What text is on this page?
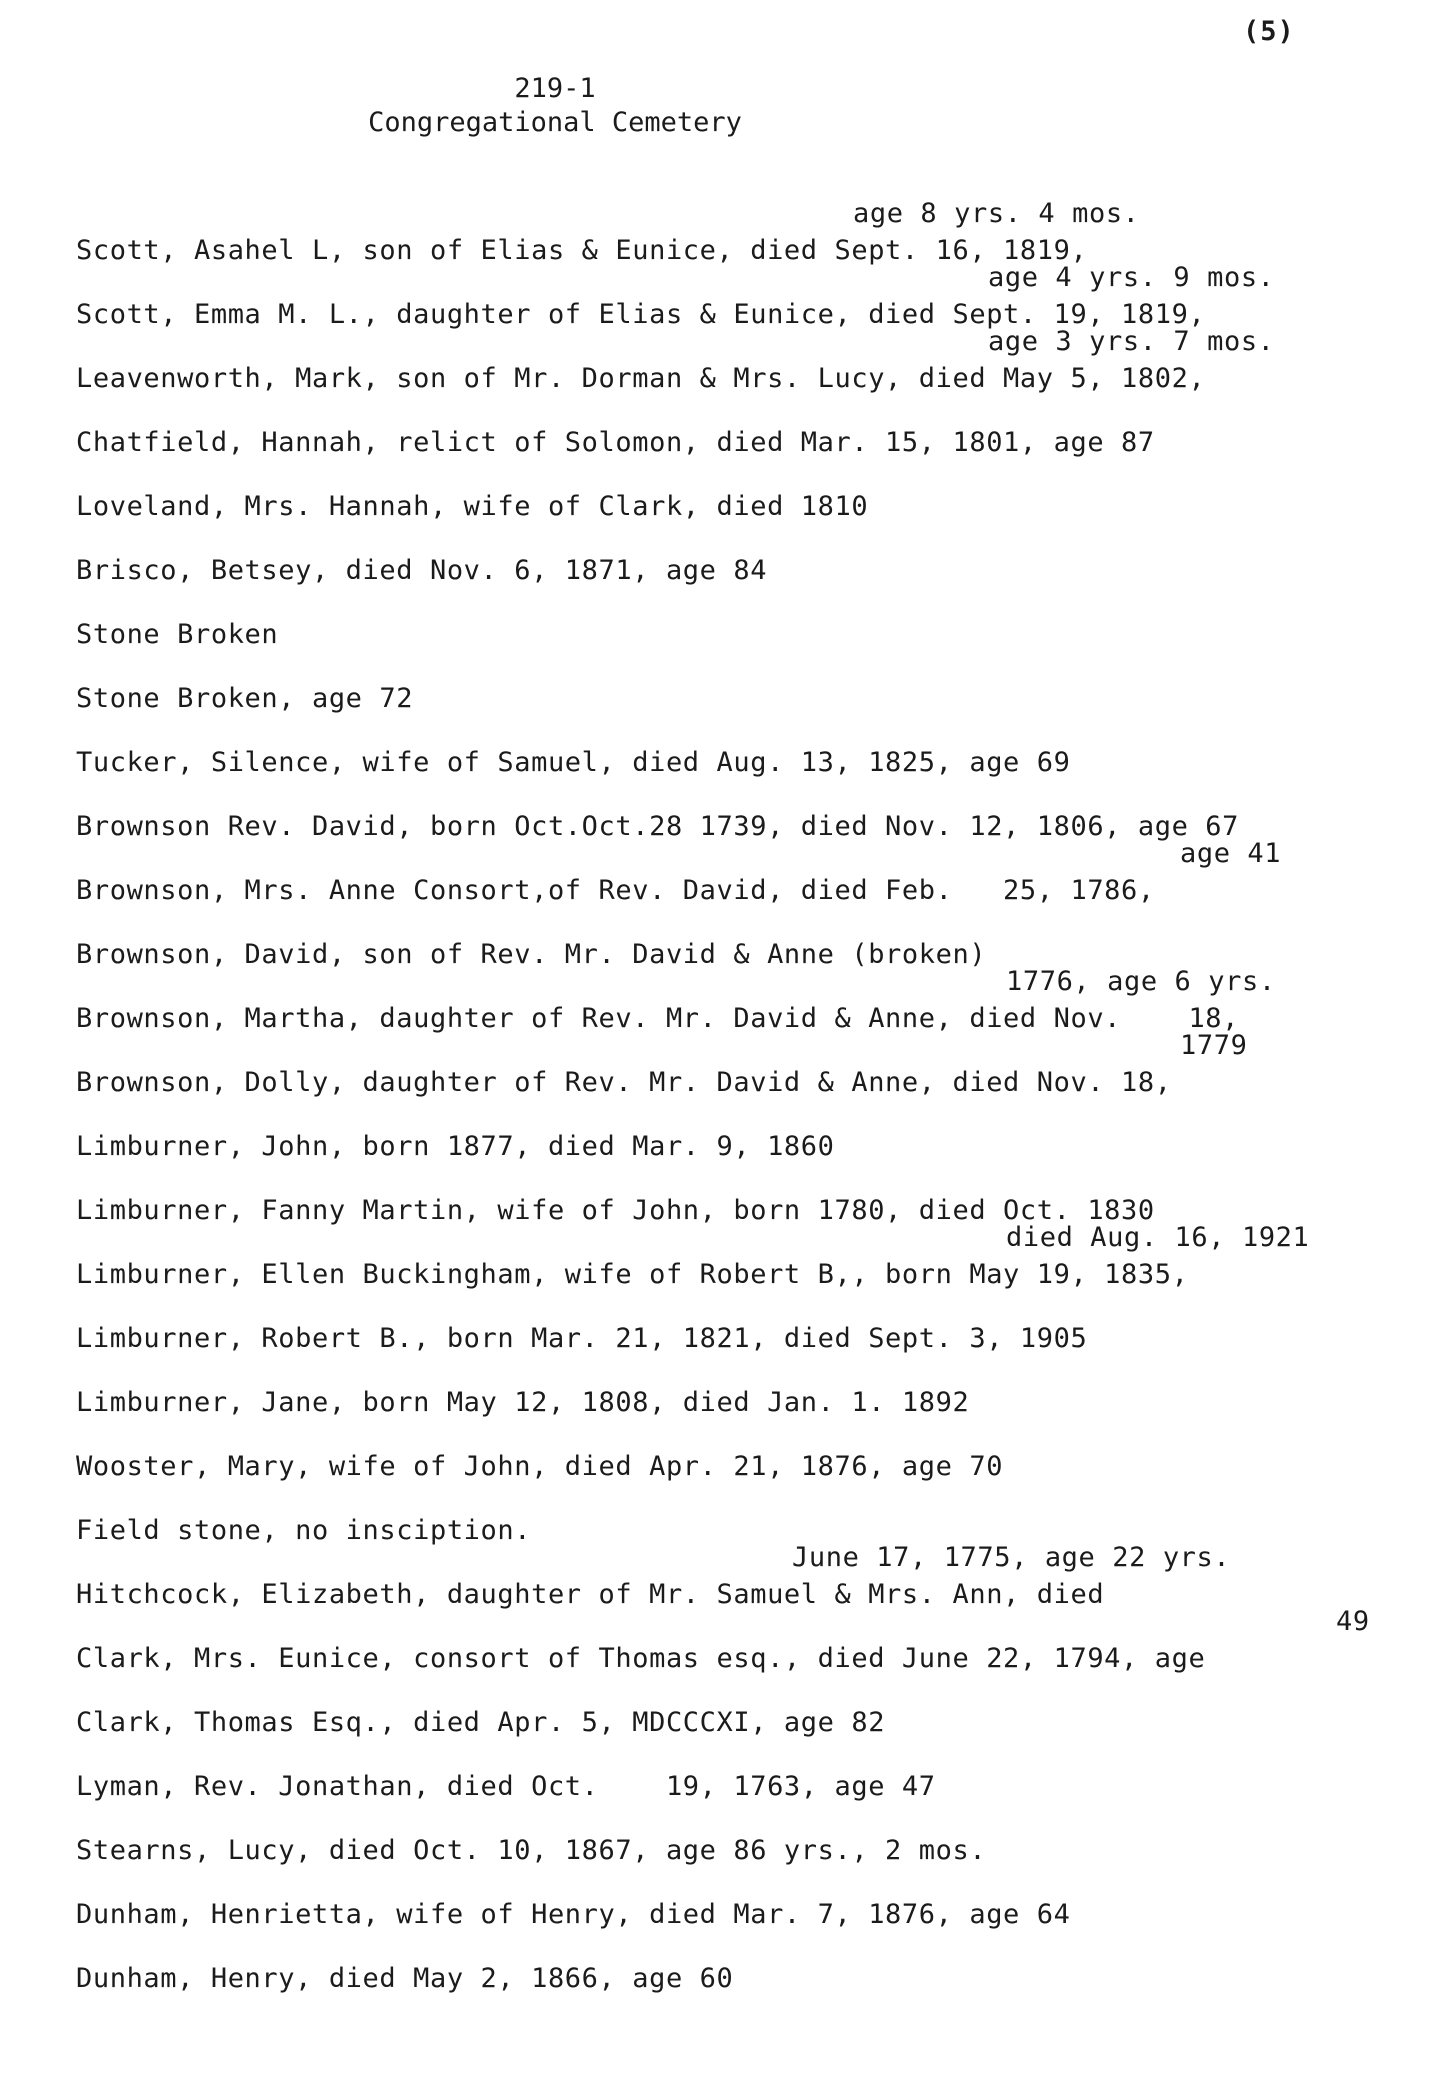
(5)
219-1
Congregational Cemetery

Scott, Asahel L, son of Elias & Eunice, died Sept. 16, 1819,

age 8 yrs. 4 mos.

Scott, Emma M. L., daughter of Elias & Eunice, died Sept. 19, 1819,

age 4 yrs. 9 mos.

Leavenworth, Mark, son of Mr. Dorman & Mrs. Lucy, died May 5, 1802,

age 3 yrs. 7 mos.

Chatfield, Hannah, relict of Solomon, died Mar. 15, 1801, age 87

Loveland, Mrs. Hannah, wife of Clark, died 1810

Brisco, Betsey, died Nov. 6, 1871, age 84

Stone Broken

Stone Broken, age 72

Tucker, Silence, wife of Samuel, died Aug. 13, 1825, age 69

Brownson Rev. David, born Oct.Oct.28 1739, died Nov. 12, 1806, age 67

Brownson, Mrs. Anne Consort,of Rev. David, died Feb.   25, 1786,

age 41

Brownson, David, son of Rev. Mr. David & Anne (broken)

Brownson, Martha, daughter of Rev. Mr. David & Anne, died Nov.    18,

1776, age 6 yrs.

Brownson, Dolly, daughter of Rev. Mr. David & Anne, died Nov. 18,

1779

Limburner, John, born 1877, died Mar. 9, 1860

Limburner, Fanny Martin, wife of John, born 1780, died Oct. 1830

Limburner, Ellen Buckingham, wife of Robert B,, born May 19, 1835,

died Aug. 16, 1921

Limburner, Robert B., born Mar. 21, 1821, died Sept. 3, 1905

Limburner, Jane, born May 12, 1808, died Jan. 1. 1892

Wooster, Mary, wife of John, died Apr. 21, 1876, age 70

Field stone, no insciption.

Hitchcock, Elizabeth, daughter of Mr. Samuel & Mrs. Ann, died

June 17, 1775, age 22 yrs.

Clark, Mrs. Eunice, consort of Thomas esq., died June 22, 1794, age

49

Clark, Thomas Esq., died Apr. 5, MDCCCXI, age 82

Lyman, Rev. Jonathan, died Oct.    19, 1763, age 47

Stearns, Lucy, died Oct. 10, 1867, age 86 yrs., 2 mos.

Dunham, Henrietta, wife of Henry, died Mar. 7, 1876, age 64

Dunham, Henry, died May 2, 1866, age 60
